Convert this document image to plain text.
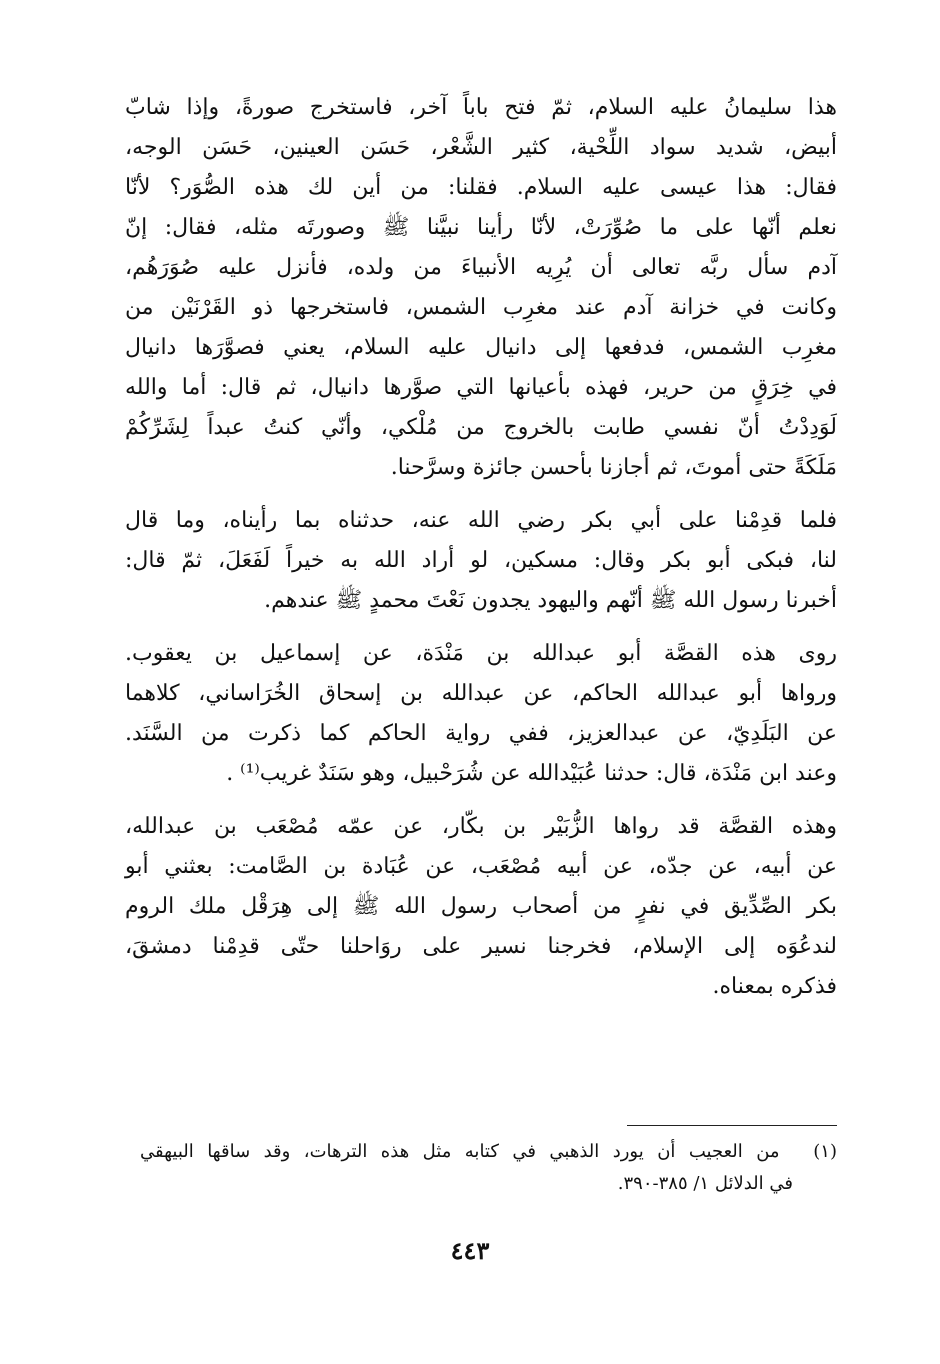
هذا سليمانُ عليه السلام، ثمّ فتح باباً آخر، فاستخرج صورةً، وإذا شابّ
أبيض، شديد سواد اللِّحْية، كثير الشَّعْر، حَسَن العينين، حَسَن الوجه،
فقال: هذا عيسى عليه السلام. فقلنا: من أين لك هذه الصُّوَر؟ لأنّا
نعلم أنّها على ما صُوِّرَتْ، لأنّا رأينا نبيَّنا ﷺ وصورتَه مثله، فقال: إنّ
آدم سأل ربَّه تعالى أن يُرِيه الأنبياءَ من ولده، فأنزل عليه صُوَرَهُم،
وكانت في خزانة آدم عند مغرِب الشمس، فاستخرجها ذو القَرْنَيْن من
مغرِب الشمس، فدفعها إلى دانيال عليه السلام، يعني فصوَّرَها دانيال
في خِرَقٍ من حرير، فهذه بأعيانها التي صوَّرها دانيال، ثم قال: أما والله
لَوَدِدْتُ أنّ نفسي طابت بالخروج من مُلْكي، وأنّي كنتُ عبداً لِشَرِّكُمْ
مَلَكَةً حتى أموتَ، ثم أجازنا بأحسن جائزة وسرَّحنا.
فلما قدِمْنا على أبي بكر رضي الله عنه، حدثناه بما رأيناه، وما قال
لنا، فبكى أبو بكر وقال: مسكين، لو أراد الله به خيراً لَفَعَلَ، ثمّ قال:
أخبرنا رسول الله ﷺ أنّهم واليهود يجدون نَعْتَ محمدٍ ﷺ عندهم.
روى هذه القصَّة أبو عبدالله بن مَنْدَة، عن إسماعيل بن يعقوب.
ورواها أبو عبدالله الحاكم، عن عبدالله بن إسحاق الخُرَاساني، كلاهما
عن البَلَدِيّ، عن عبدالعزيز، ففي رواية الحاكم كما ذكرت من السَّنَد.
وعند ابن مَنْدَة، قال: حدثنا عُبَيْدالله عن شُرَحْبيل، وهو سَنَدٌ غريب⁽¹⁾ .
وهذه القصَّة قد رواها الزُّبَيْر بن بكّار، عن عمّه مُصْعَب بن عبدالله،
عن أبيه، عن جدّه، عن أبيه مُصْعَب، عن عُبَادة بن الصَّامت: بعثني أبو
بكر الصِّدِّيق في نفرٍ من أصحاب رسول الله ﷺ إلى هِرَقْل ملك الروم
لندعُوَه إلى الإسلام، فخرجنا نسير على روَاحلنا حتّى قدِمْنا دمشقَ،
فذكره بمعناه.
(١) من العجيب أن يورد الذهبي في كتابه مثل هذه الترهات، وقد ساقها البيهقي
في الدلائل ١/ ٣٨٥-٣٩٠.
٤٤٣
